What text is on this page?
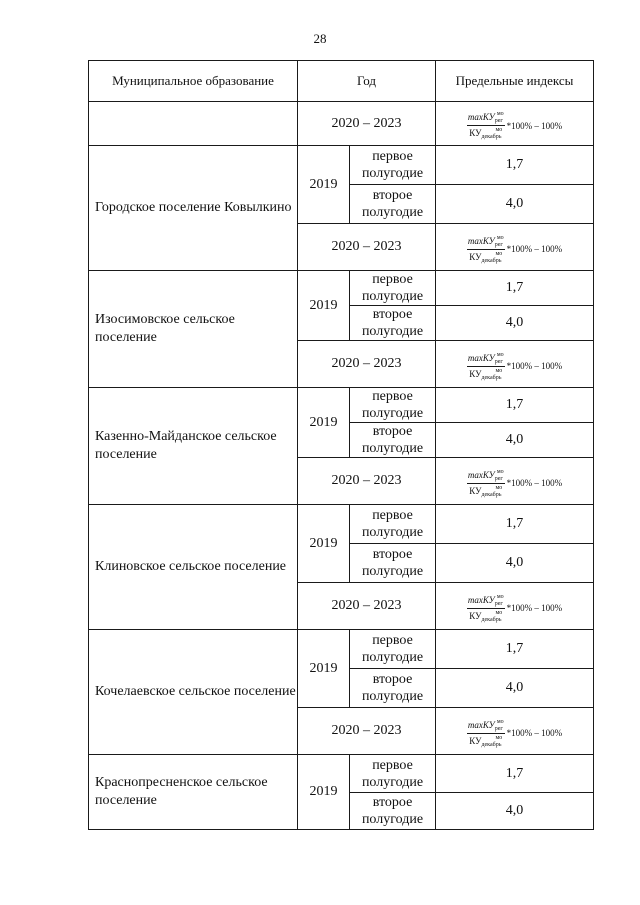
28
Муниципальное образование	Год		Предельные индексы
	2020 – 2023		$\frac{\max КУ_{рег}^{мо}}{КУ_{декабрь}^{мо}} *100\% - 100\%$

Городское поселение Ковылкино	2019	первое полугодие	1,7
		второе полугодие	4,0
	2020 – 2023		$\frac{\max КУ_{рег}^{мо}}{КУ_{декабрь}^{мо}} *100\% - 100\%$

Изосимовское сельское поселение	2019	первое полугодие	1,7
		второе полугодие	4,0
	2020 – 2023		$\frac{\max КУ_{рег}^{мо}}{КУ_{декабрь}^{мо}} *100\% - 100\%$

Казенно-Майданское сельское поселение	2019	первое полугодие	1,7
		второе полугодие	4,0
	2020 – 2023		$\frac{\max КУ_{рег}^{мо}}{КУ_{декабрь}^{мо}} *100\% - 100\%$

Клиновское сельское поселение	2019	первое полугодие	1,7
		второе полугодие	4,0
	2020 – 2023		$\frac{\max КУ_{рег}^{мо}}{КУ_{декабрь}^{мо}} *100\% - 100\%$

Кочелаевское сельское поселение	2019	первое полугодие	1,7
		второе полугодие	4,0
	2020 – 2023		$\frac{\max КУ_{рег}^{мо}}{КУ_{декабрь}^{мо}} *100\% - 100\%$

Краснопресненское сельское поселение	2019	первое полугодие	1,7
		второе полугодие	4,0
